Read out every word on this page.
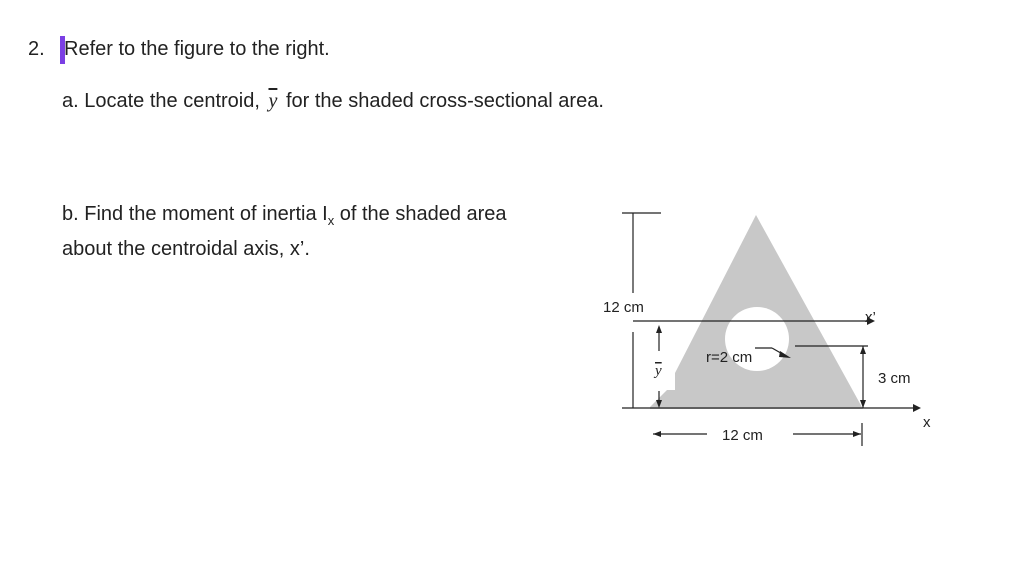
2. Refer to the figure to the right.
a. Locate the centroid, $\overline{y}$ for the shaded cross-sectional area.
b. Find the moment of inertia $I_x$ of the shaded area
about the centroidal axis, x’.
12 cm
x
x’
y
r=2 cm
3 cm
12 cm
